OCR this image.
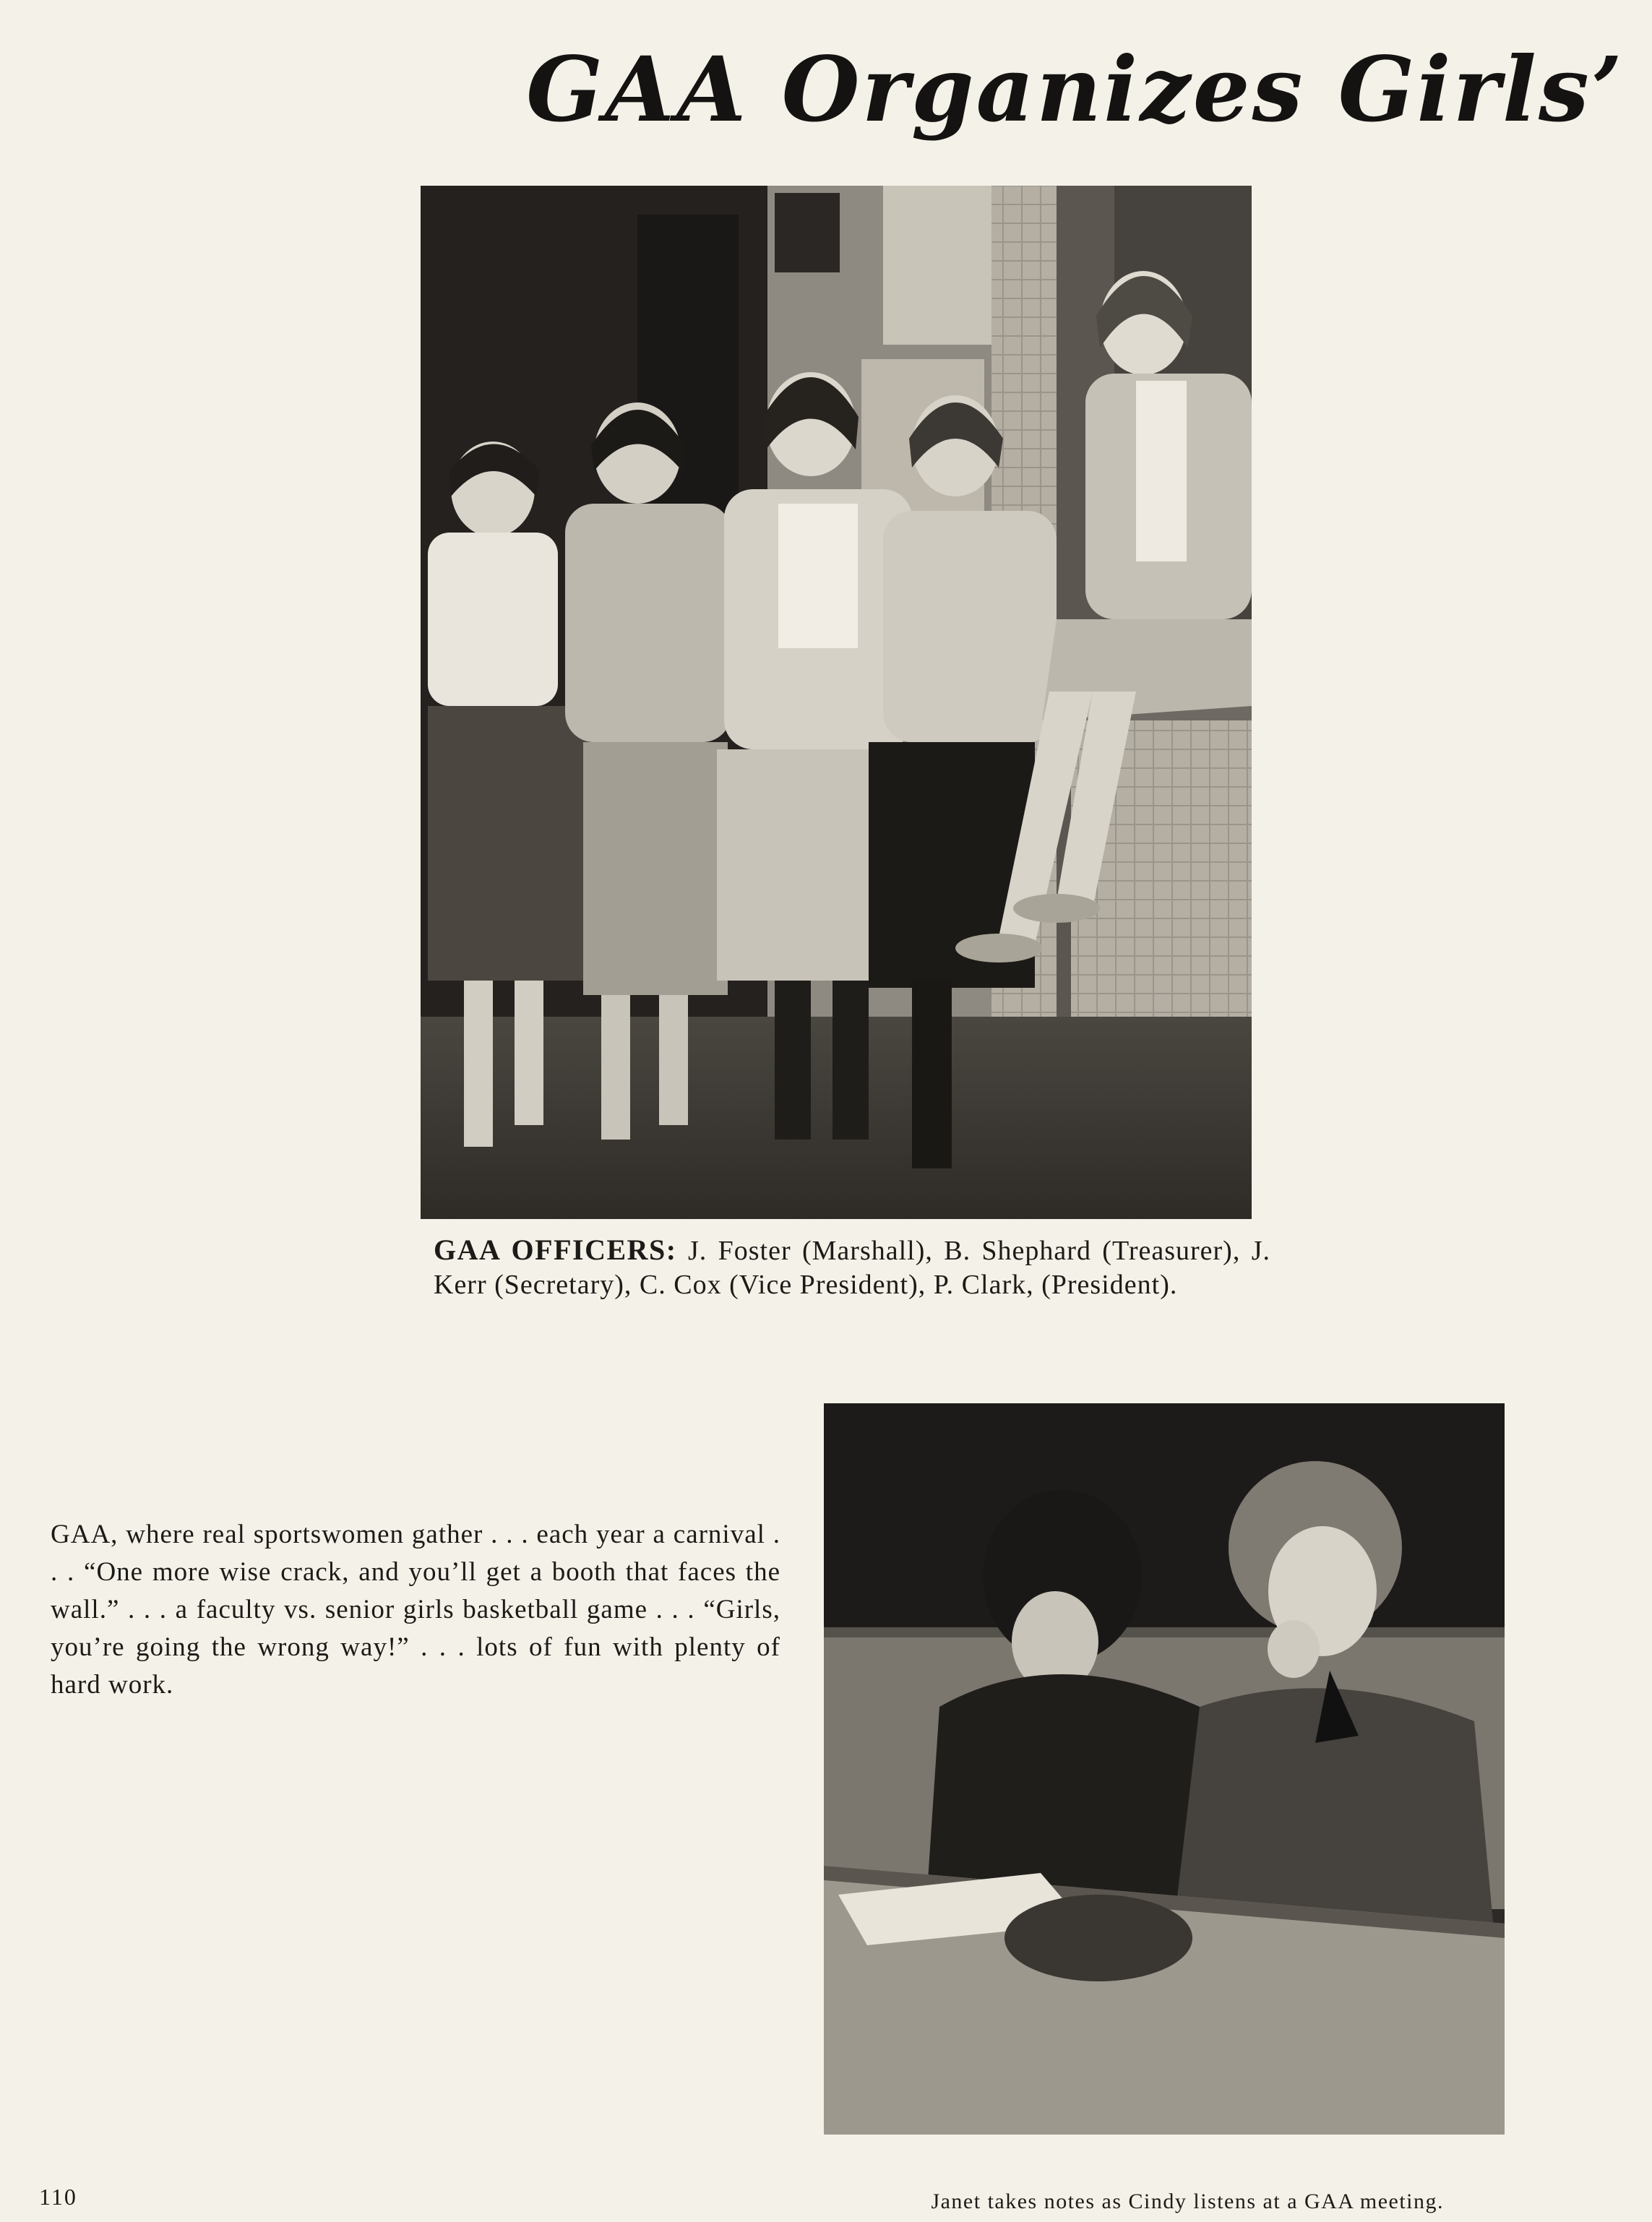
GAA Organizes Girls’

GAA OFFICERS: J. Foster (Marshall), B. Shephard (Treasurer), J. Kerr (Secretary), C. Cox (Vice President), P. Clark, (President).

GAA, where real sportswomen gather . . . each year a carnival . . . “One more wise crack, and you’ll get a booth that faces the wall.” . . . a faculty vs. senior girls basketball game . . . “Girls, you’re going the wrong way!” . . . lots of fun with plenty of hard work.

110	Janet takes notes as Cindy listens at a GAA meeting.
